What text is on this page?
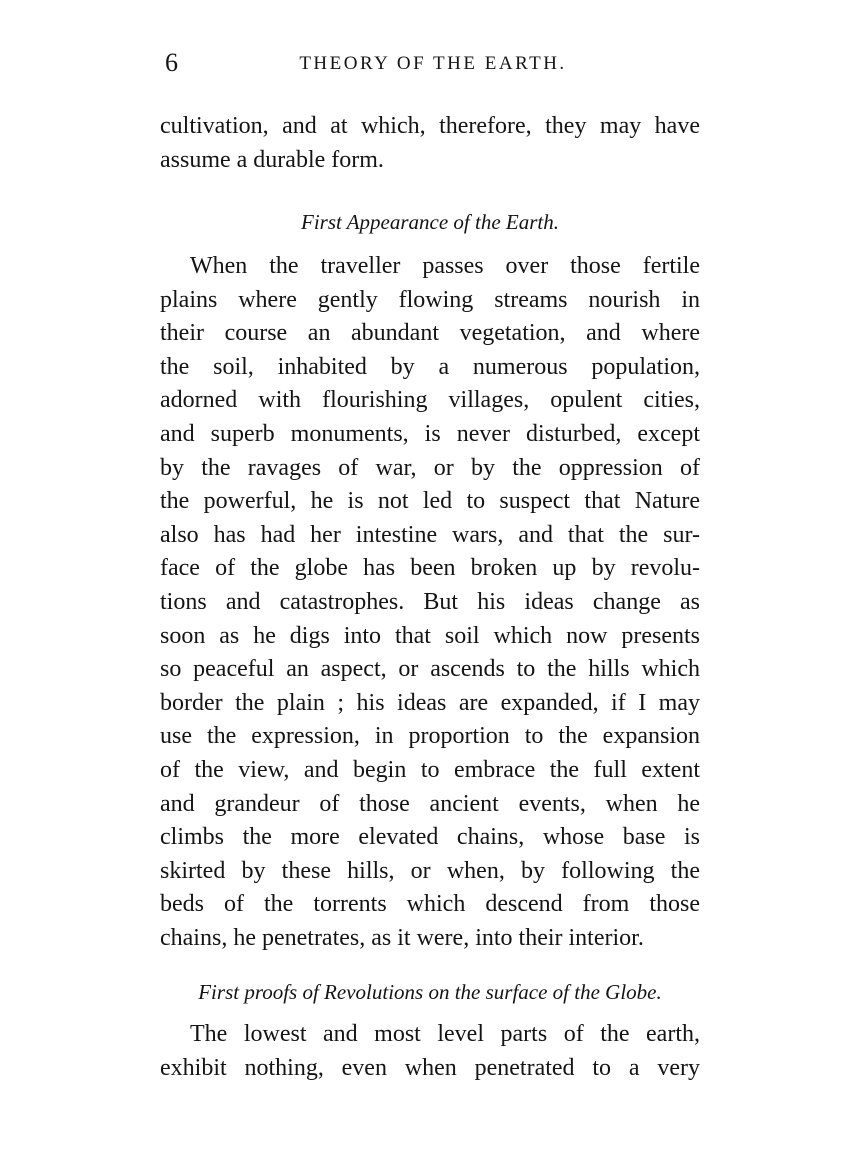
6	THEORY OF THE EARTH.
cultivation, and at which, therefore, they may have
assume a durable form.
First Appearance of the Earth.
When the traveller passes over those fertile
plains where gently flowing streams nourish in
their course an abundant vegetation, and where
the soil, inhabited by a numerous population,
adorned with flourishing villages, opulent cities,
and superb monuments, is never disturbed, except
by the ravages of war, or by the oppression of
the powerful, he is not led to suspect that Nature
also has had her intestine wars, and that the sur-
face of the globe has been broken up by revolu-
tions and catastrophes. But his ideas change as
soon as he digs into that soil which now presents
so peaceful an aspect, or ascends to the hills which
border the plain ; his ideas are expanded, if I may
use the expression, in proportion to the expansion
of the view, and begin to embrace the full extent
and grandeur of those ancient events, when he
climbs the more elevated chains, whose base is
skirted by these hills, or when, by following the
beds of the torrents which descend from those
chains, he penetrates, as it were, into their interior.
First proofs of Revolutions on the surface of the Globe.
The lowest and most level parts of the earth,
exhibit nothing, even when penetrated to a very
